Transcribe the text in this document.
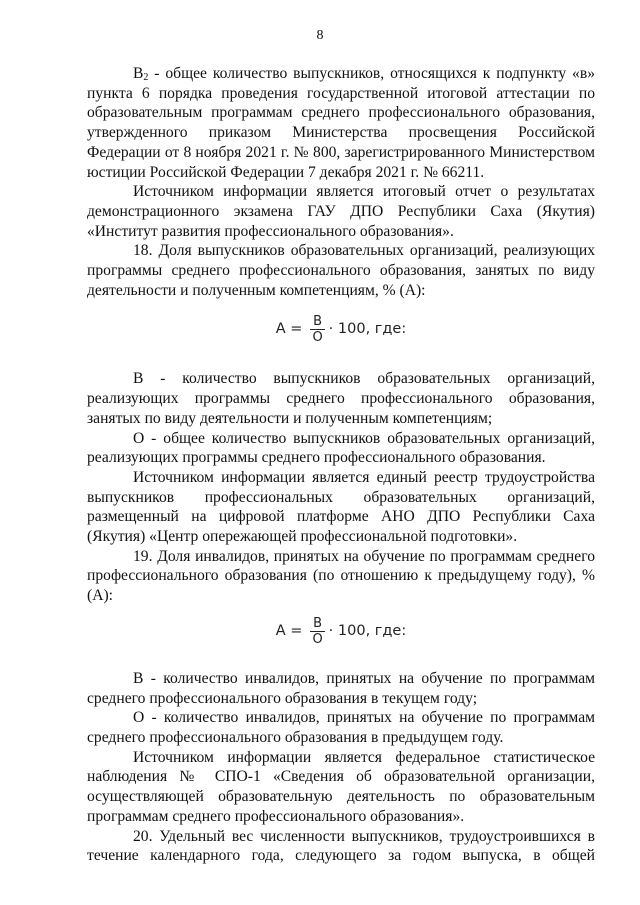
8

$В_2$ - общее количество выпускников, относящихся к подпункту «в» пункта 6 порядка проведения государственной итоговой аттестации по образовательным программам среднего профессионального образования, утвержденного приказом Министерства просвещения Российской Федерации от 8 ноября 2021 г. № 800, зарегистрированного Министерством юстиции Российской Федерации 7 декабря 2021 г. № 66211.

Источником информации является итоговый отчет о результатах демонстрационного экзамена ГАУ ДПО Республики Саха (Якутия) «Институт развития профессионального образования».

18. Доля выпускников образовательных организаций, реализующих программы среднего профессионального образования, занятых по виду деятельности и полученным компетенциям, % (А):

$А = \frac{В}{О} \cdot 100$, где:

В - количество выпускников образовательных организаций, реализующих программы среднего профессионального образования, занятых по виду деятельности и полученным компетенциям;

О - общее количество выпускников образовательных организаций, реализующих программы среднего профессионального образования.

Источником информации является единый реестр трудоустройства выпускников профессиональных образовательных организаций, размещенный на цифровой платформе АНО ДПО Республики Саха (Якутия) «Центр опережающей профессиональной подготовки».

19. Доля инвалидов, принятых на обучение по программам среднего профессионального образования (по отношению к предыдущему году), % (А):

$А = \frac{В}{О} \cdot 100$, где:

В - количество инвалидов, принятых на обучение по программам среднего профессионального образования в текущем году;

О - количество инвалидов, принятых на обучение по программам среднего профессионального образования в предыдущем году.

Источником информации является федеральное статистическое наблюдения № СПО-1 «Сведения об образовательной организации, осуществляющей образовательную деятельность по образовательным программам среднего профессионального образования».

20. Удельный вес численности выпускников, трудоустроившихся в течение календарного года, следующего за годом выпуска, в общей
